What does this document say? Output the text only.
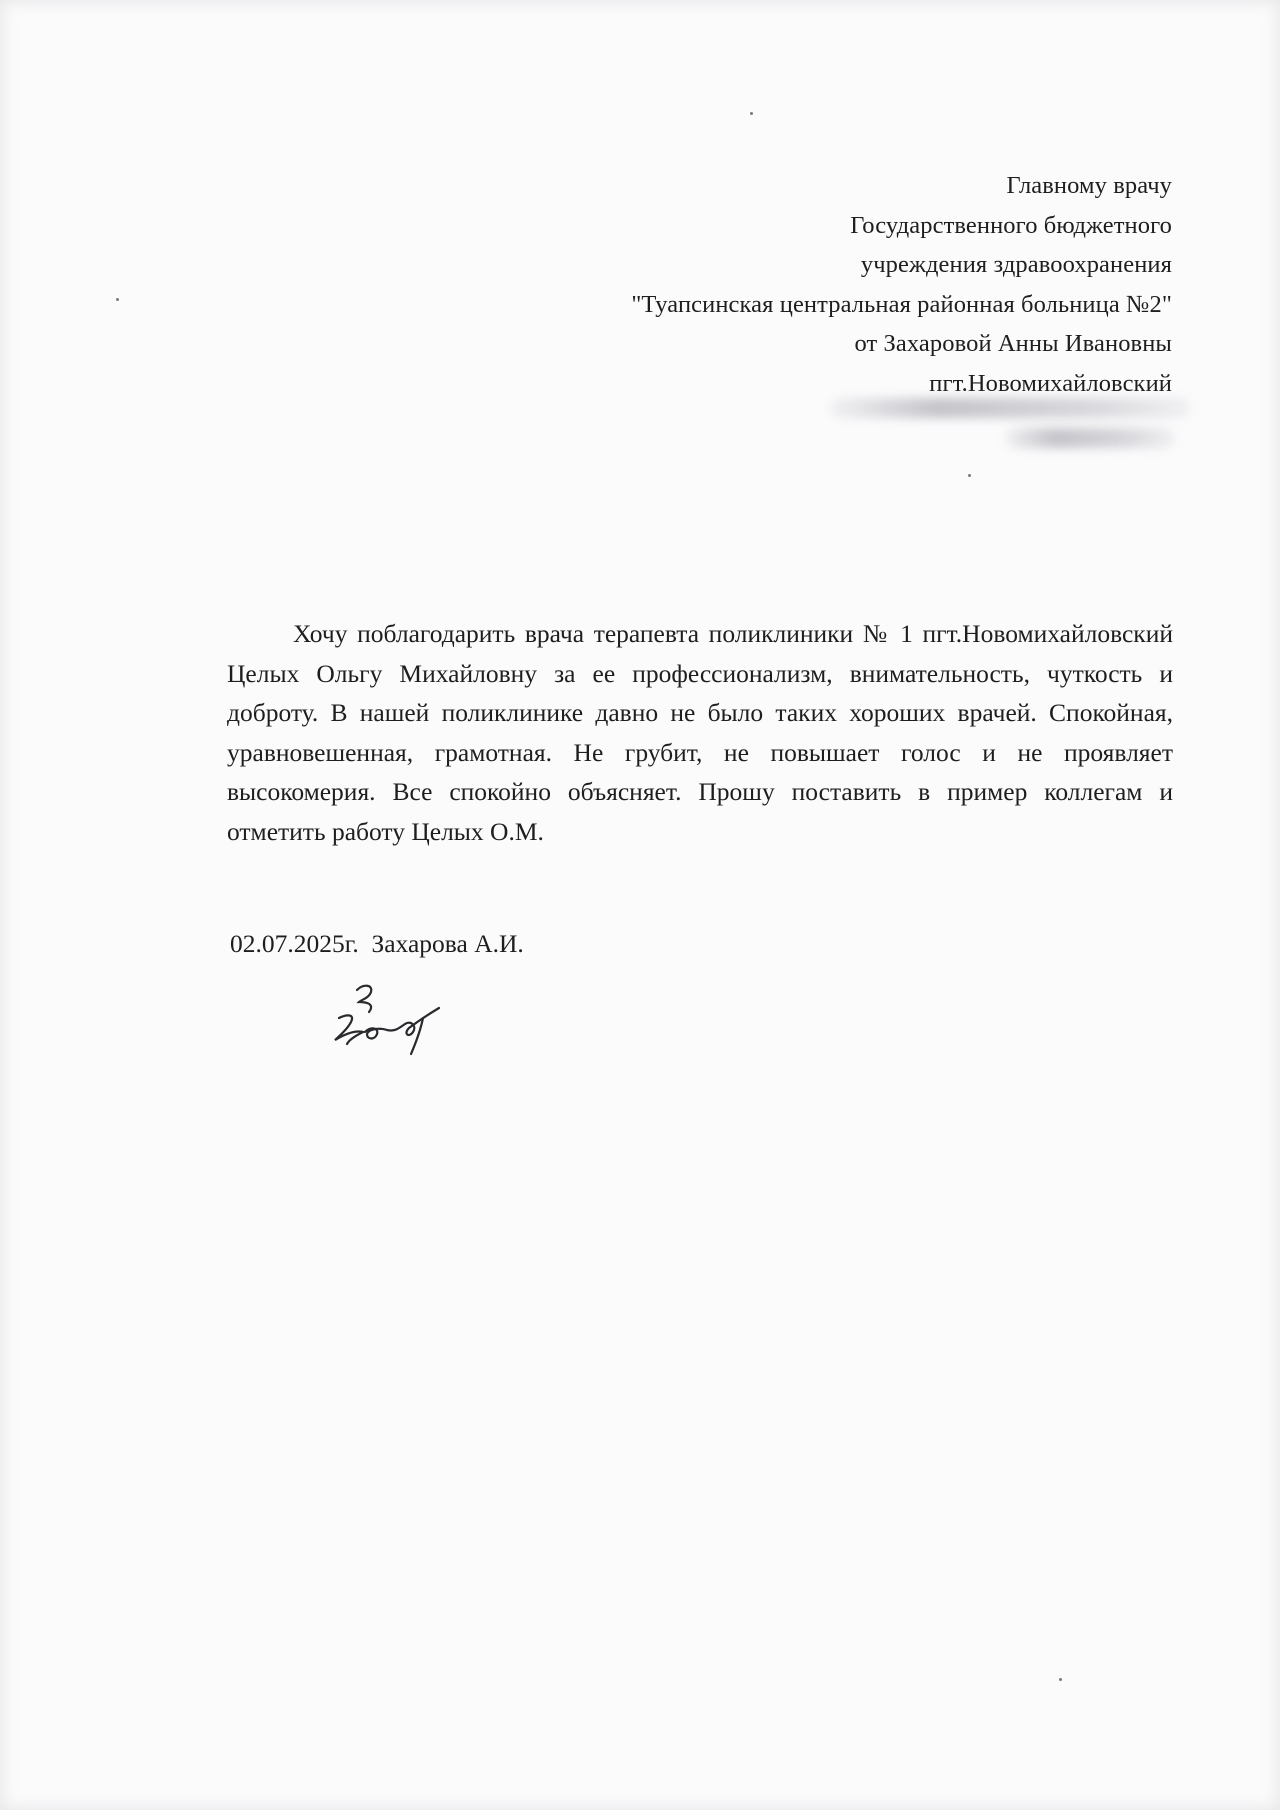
Главному врачу
Государственного бюджетного
учреждения здравоохранения
"Туапсинская центральная районная больница №2"
от Захаровой Анны Ивановны
пгт.Новомихайловский
Хочу поблагодарить врача терапевта поликлиники № 1 пгт.Новомихайловский Целых Ольгу Михайловну за ее профессионализм, внимательность, чуткость и доброту. В нашей поликлинике давно не было таких хороших врачей. Спокойная, уравновешенная, грамотная. Не грубит, не повышает голос и не проявляет высокомерия. Все спокойно объясняет. Прошу поставить в пример коллегам и отметить работу Целых О.М.
02.07.2025г. Захарова А.И.
